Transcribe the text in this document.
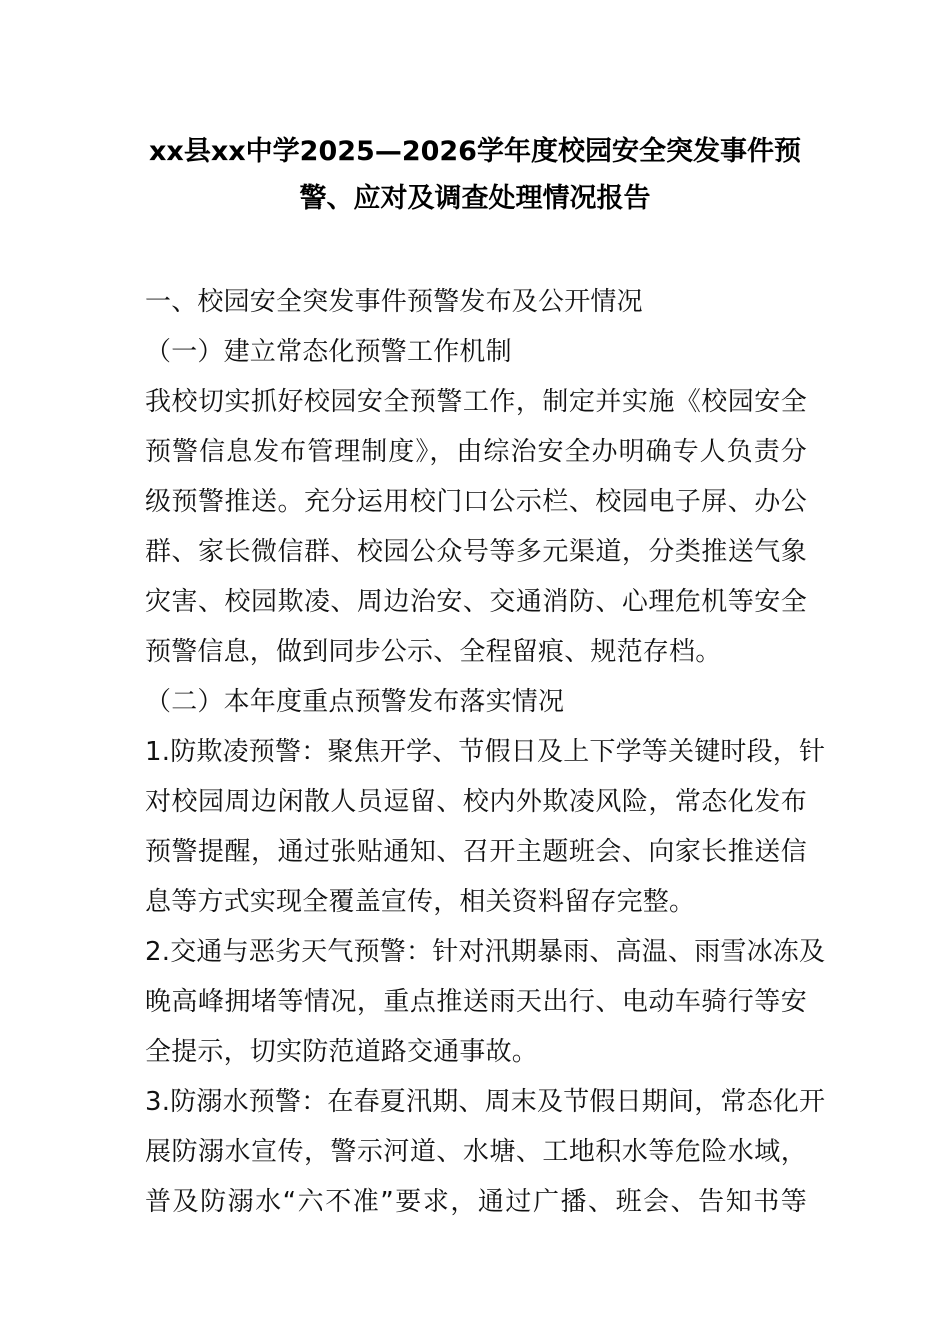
xx县xx中学2025—2026学年度校园安全突发事件预
警、应对及调查处理情况报告
一、校园安全突发事件预警发布及公开情况
（一）建立常态化预警工作机制
我校切实抓好校园安全预警工作，制定并实施《校园安全
预警信息发布管理制度》，由综治安全办明确专人负责分
级预警推送。充分运用校门口公示栏、校园电子屏、办公
群、家长微信群、校园公众号等多元渠道，分类推送气象
灾害、校园欺凌、周边治安、交通消防、心理危机等安全
预警信息，做到同步公示、全程留痕、规范存档。
（二）本年度重点预警发布落实情况
1.防欺凌预警：聚焦开学、节假日及上下学等关键时段，针
对校园周边闲散人员逗留、校内外欺凌风险，常态化发布
预警提醒，通过张贴通知、召开主题班会、向家长推送信
息等方式实现全覆盖宣传，相关资料留存完整。
2.交通与恶劣天气预警：针对汛期暴雨、高温、雨雪冰冻及
晚高峰拥堵等情况，重点推送雨天出行、电动车骑行等安
全提示，切实防范道路交通事故。
3.防溺水预警：在春夏汛期、周末及节假日期间，常态化开
展防溺水宣传，警示河道、水塘、工地积水等危险水域，
普及防溺水“六不准”要求，通过广播、班会、告知书等
